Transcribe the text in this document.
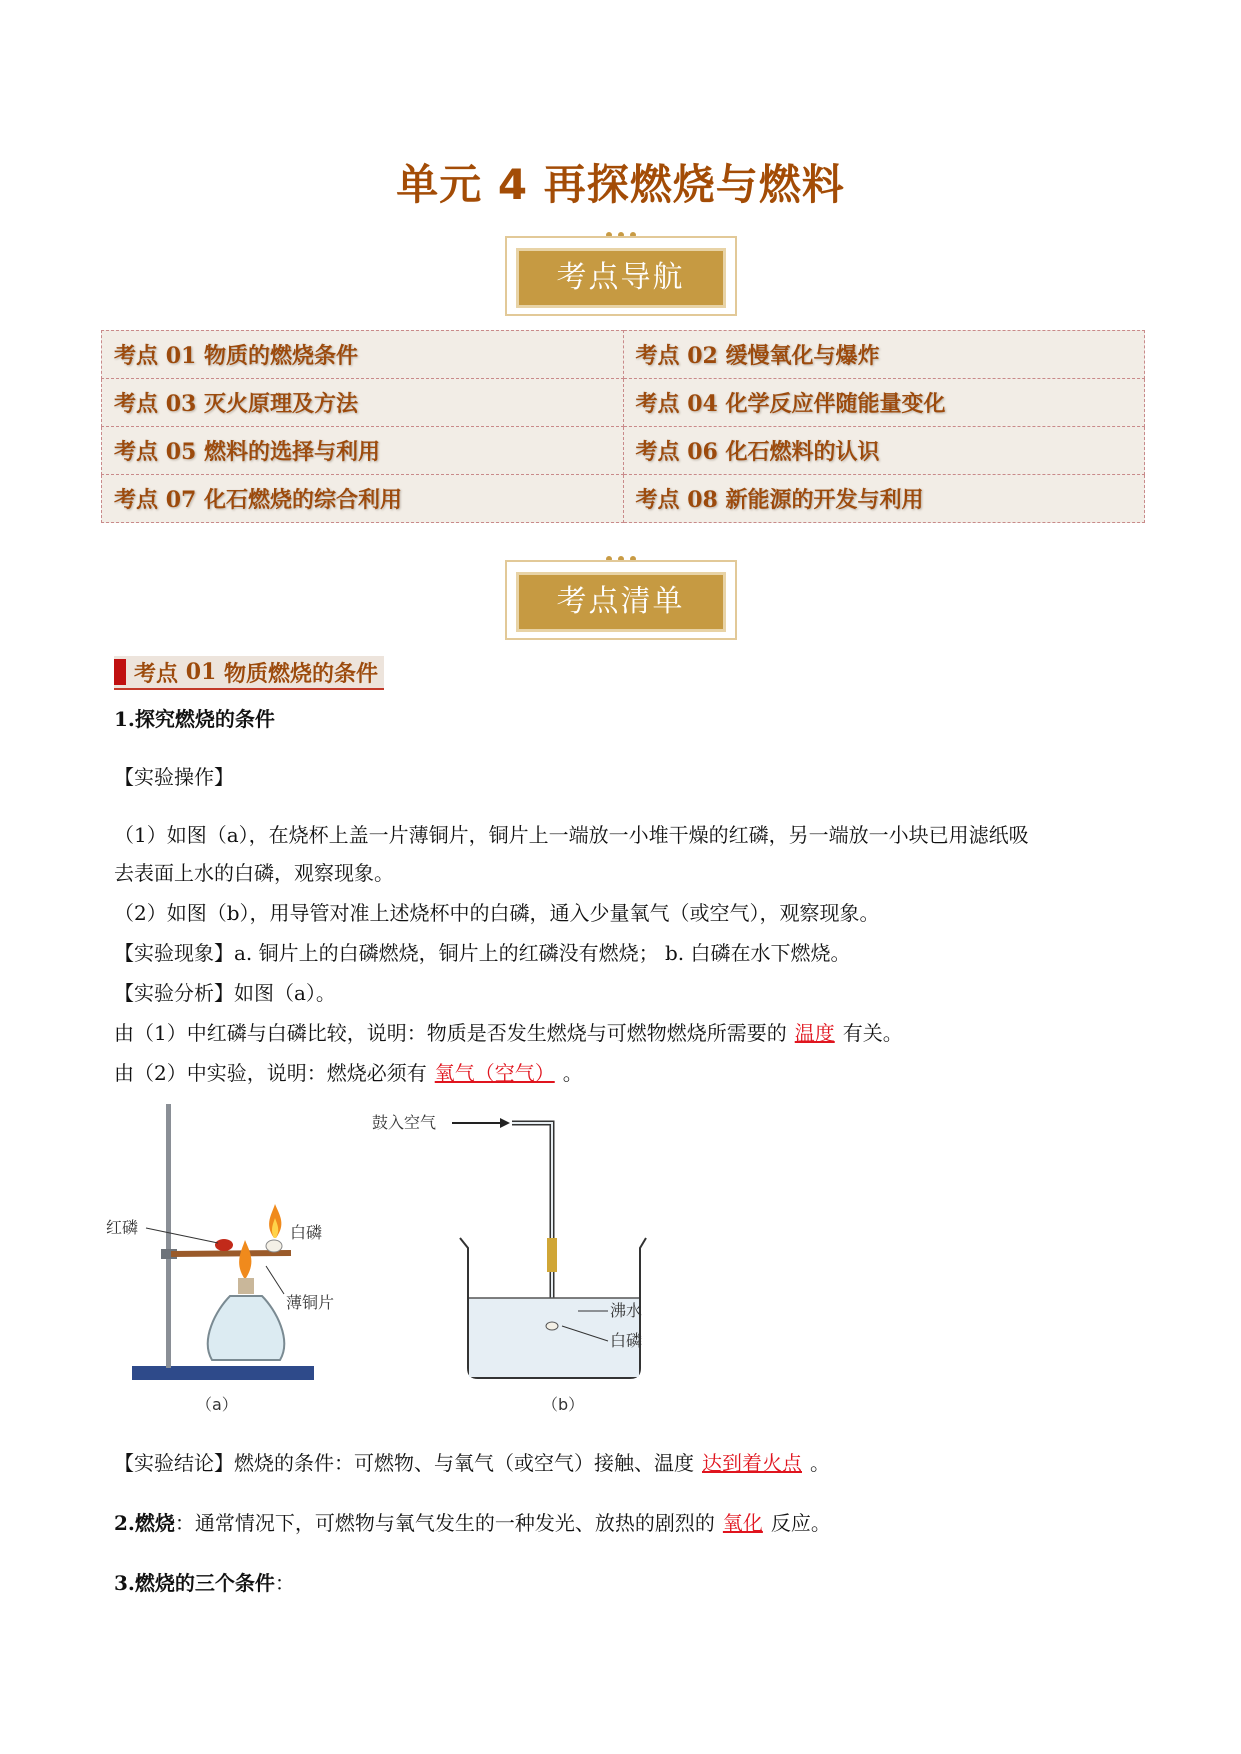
单元 4 再探燃烧与燃料
考点导航
考点 01 物质的燃烧条件	考点 02 缓慢氧化与爆炸
考点 03 灭火原理及方法	考点 04 化学反应伴随能量变化
考点 05 燃料的选择与利用	考点 06 化石燃料的认识
考点 07 化石燃烧的综合利用	考点 08 新能源的开发与利用
考点清单
考点
01
物质燃烧的条件
1.探究燃烧的条件
【实验操作】
（1）如图（a），在烧杯上盖一片薄铜片，铜片上一端放一小堆干燥的红磷，另一端放一小块已用滤纸吸
去表面上水的白磷，观察现象。
（2）如图（b），用导管对准上述烧杯中的白磷，通入少量氧气（或空气），观察现象。
【实验现象】a. 铜片上的白磷燃烧，铜片上的红磷没有燃烧； b. 白磷在水下燃烧。
【实验分析】如图（a）。
由（1）中红磷与白磷比较，说明：物质是否发生燃烧与可燃物燃烧所需要的 温度 有关。
由（2）中实验，说明：燃烧必须有 氧气（空气） 。
红磷	白磷
薄铜片
（a）
鼓入空气
沸水
白磷
（b）
【实验结论】燃烧的条件：可燃物、与氧气（或空气）接触、温度 达到着火点 。
2.燃烧：通常情况下，可燃物与氧气发生的一种发光、放热的剧烈的 氧化 反应。
3.燃烧的三个条件：
